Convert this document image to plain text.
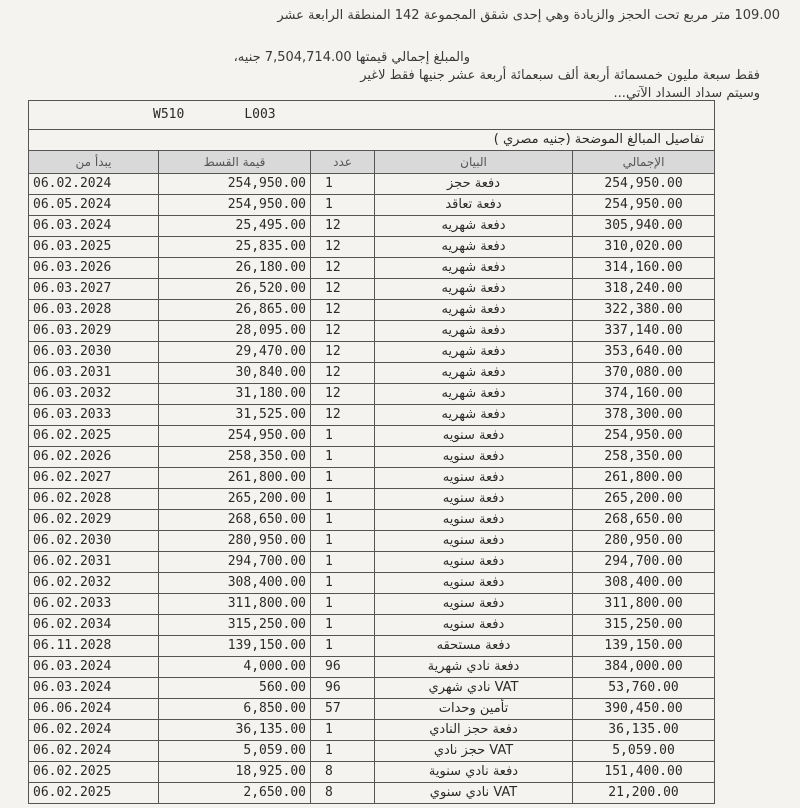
109.00 متر مربع تحت الحجز والزيادة وهي إحدى شقق المجموعة 142 المنطقة الرابعة عشر
والمبلغ إجمالي قيمتها 7,504,714.00 جنيه،
فقط سبعة مليون خمسمائة أربعة ألف سبعمائة أربعة عشر جنيها فقط لاغير
وسيتم سداد السداد الآتي...
W510 L003				

تفاصيل المبالغ الموضحة (جنيه مصري )				
يبدأ من	قيمة القسط	عدد	البيان	الإجمالي
06.02.2024	254,950.00	1	دفعة حجز	254,950.00
06.05.2024	254,950.00	1	دفعة تعاقد	254,950.00
06.03.2024	25,495.00	12	دفعة شهريه	305,940.00
06.03.2025	25,835.00	12	دفعة شهريه	310,020.00
06.03.2026	26,180.00	12	دفعة شهريه	314,160.00
06.03.2027	26,520.00	12	دفعة شهريه	318,240.00
06.03.2028	26,865.00	12	دفعة شهريه	322,380.00
06.03.2029	28,095.00	12	دفعة شهريه	337,140.00
06.03.2030	29,470.00	12	دفعة شهريه	353,640.00
06.03.2031	30,840.00	12	دفعة شهريه	370,080.00
06.03.2032	31,180.00	12	دفعة شهريه	374,160.00
06.03.2033	31,525.00	12	دفعة شهريه	378,300.00
06.02.2025	254,950.00	1	دفعة سنويه	254,950.00
06.02.2026	258,350.00	1	دفعة سنويه	258,350.00
06.02.2027	261,800.00	1	دفعة سنويه	261,800.00
06.02.2028	265,200.00	1	دفعة سنويه	265,200.00
06.02.2029	268,650.00	1	دفعة سنويه	268,650.00
06.02.2030	280,950.00	1	دفعة سنويه	280,950.00
06.02.2031	294,700.00	1	دفعة سنويه	294,700.00
06.02.2032	308,400.00	1	دفعة سنويه	308,400.00
06.02.2033	311,800.00	1	دفعة سنويه	311,800.00
06.02.2034	315,250.00	1	دفعة سنويه	315,250.00
06.11.2028	139,150.00	1	دفعة مستحقه	139,150.00
06.03.2024	4,000.00	96	دفعة نادي شهرية	384,000.00
06.03.2024	560.00	96	VAT نادي شهري	53,760.00
06.06.2024	6,850.00	57	تأمين وحدات	390,450.00
06.02.2024	36,135.00	1	دفعة حجز النادي	36,135.00
06.02.2024	5,059.00	1	VAT حجز نادي	5,059.00
06.02.2025	18,925.00	8	دفعة نادي سنوية	151,400.00
06.02.2025	2,650.00	8	VAT نادي سنوي	21,200.00
